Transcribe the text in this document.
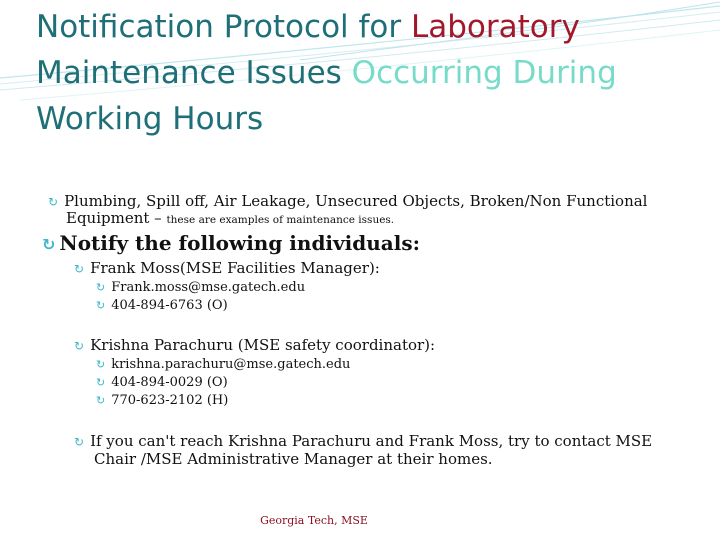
Notification Protocol for Laboratory
Maintenance Issues Occurring During
Working Hours
↻ Plumbing, Spill off, Air Leakage, Unsecured Objects, Broken/Non Functional
Equipment – these are examples of maintenance issues.
↻ Notify the following individuals:
↻ Frank Moss(MSE Facilities Manager):
↻ Frank.moss@mse.gatech.edu
↻ 404-894-6763 (O)
↻ Krishna Parachuru (MSE safety coordinator):
↻ krishna.parachuru@mse.gatech.edu
↻ 404-894-0029 (O)
↻ 770-623-2102 (H)
↻ If you can't reach Krishna Parachuru and Frank Moss, try to contact MSE
Chair /MSE Administrative Manager at their homes.
Georgia Tech, MSE
